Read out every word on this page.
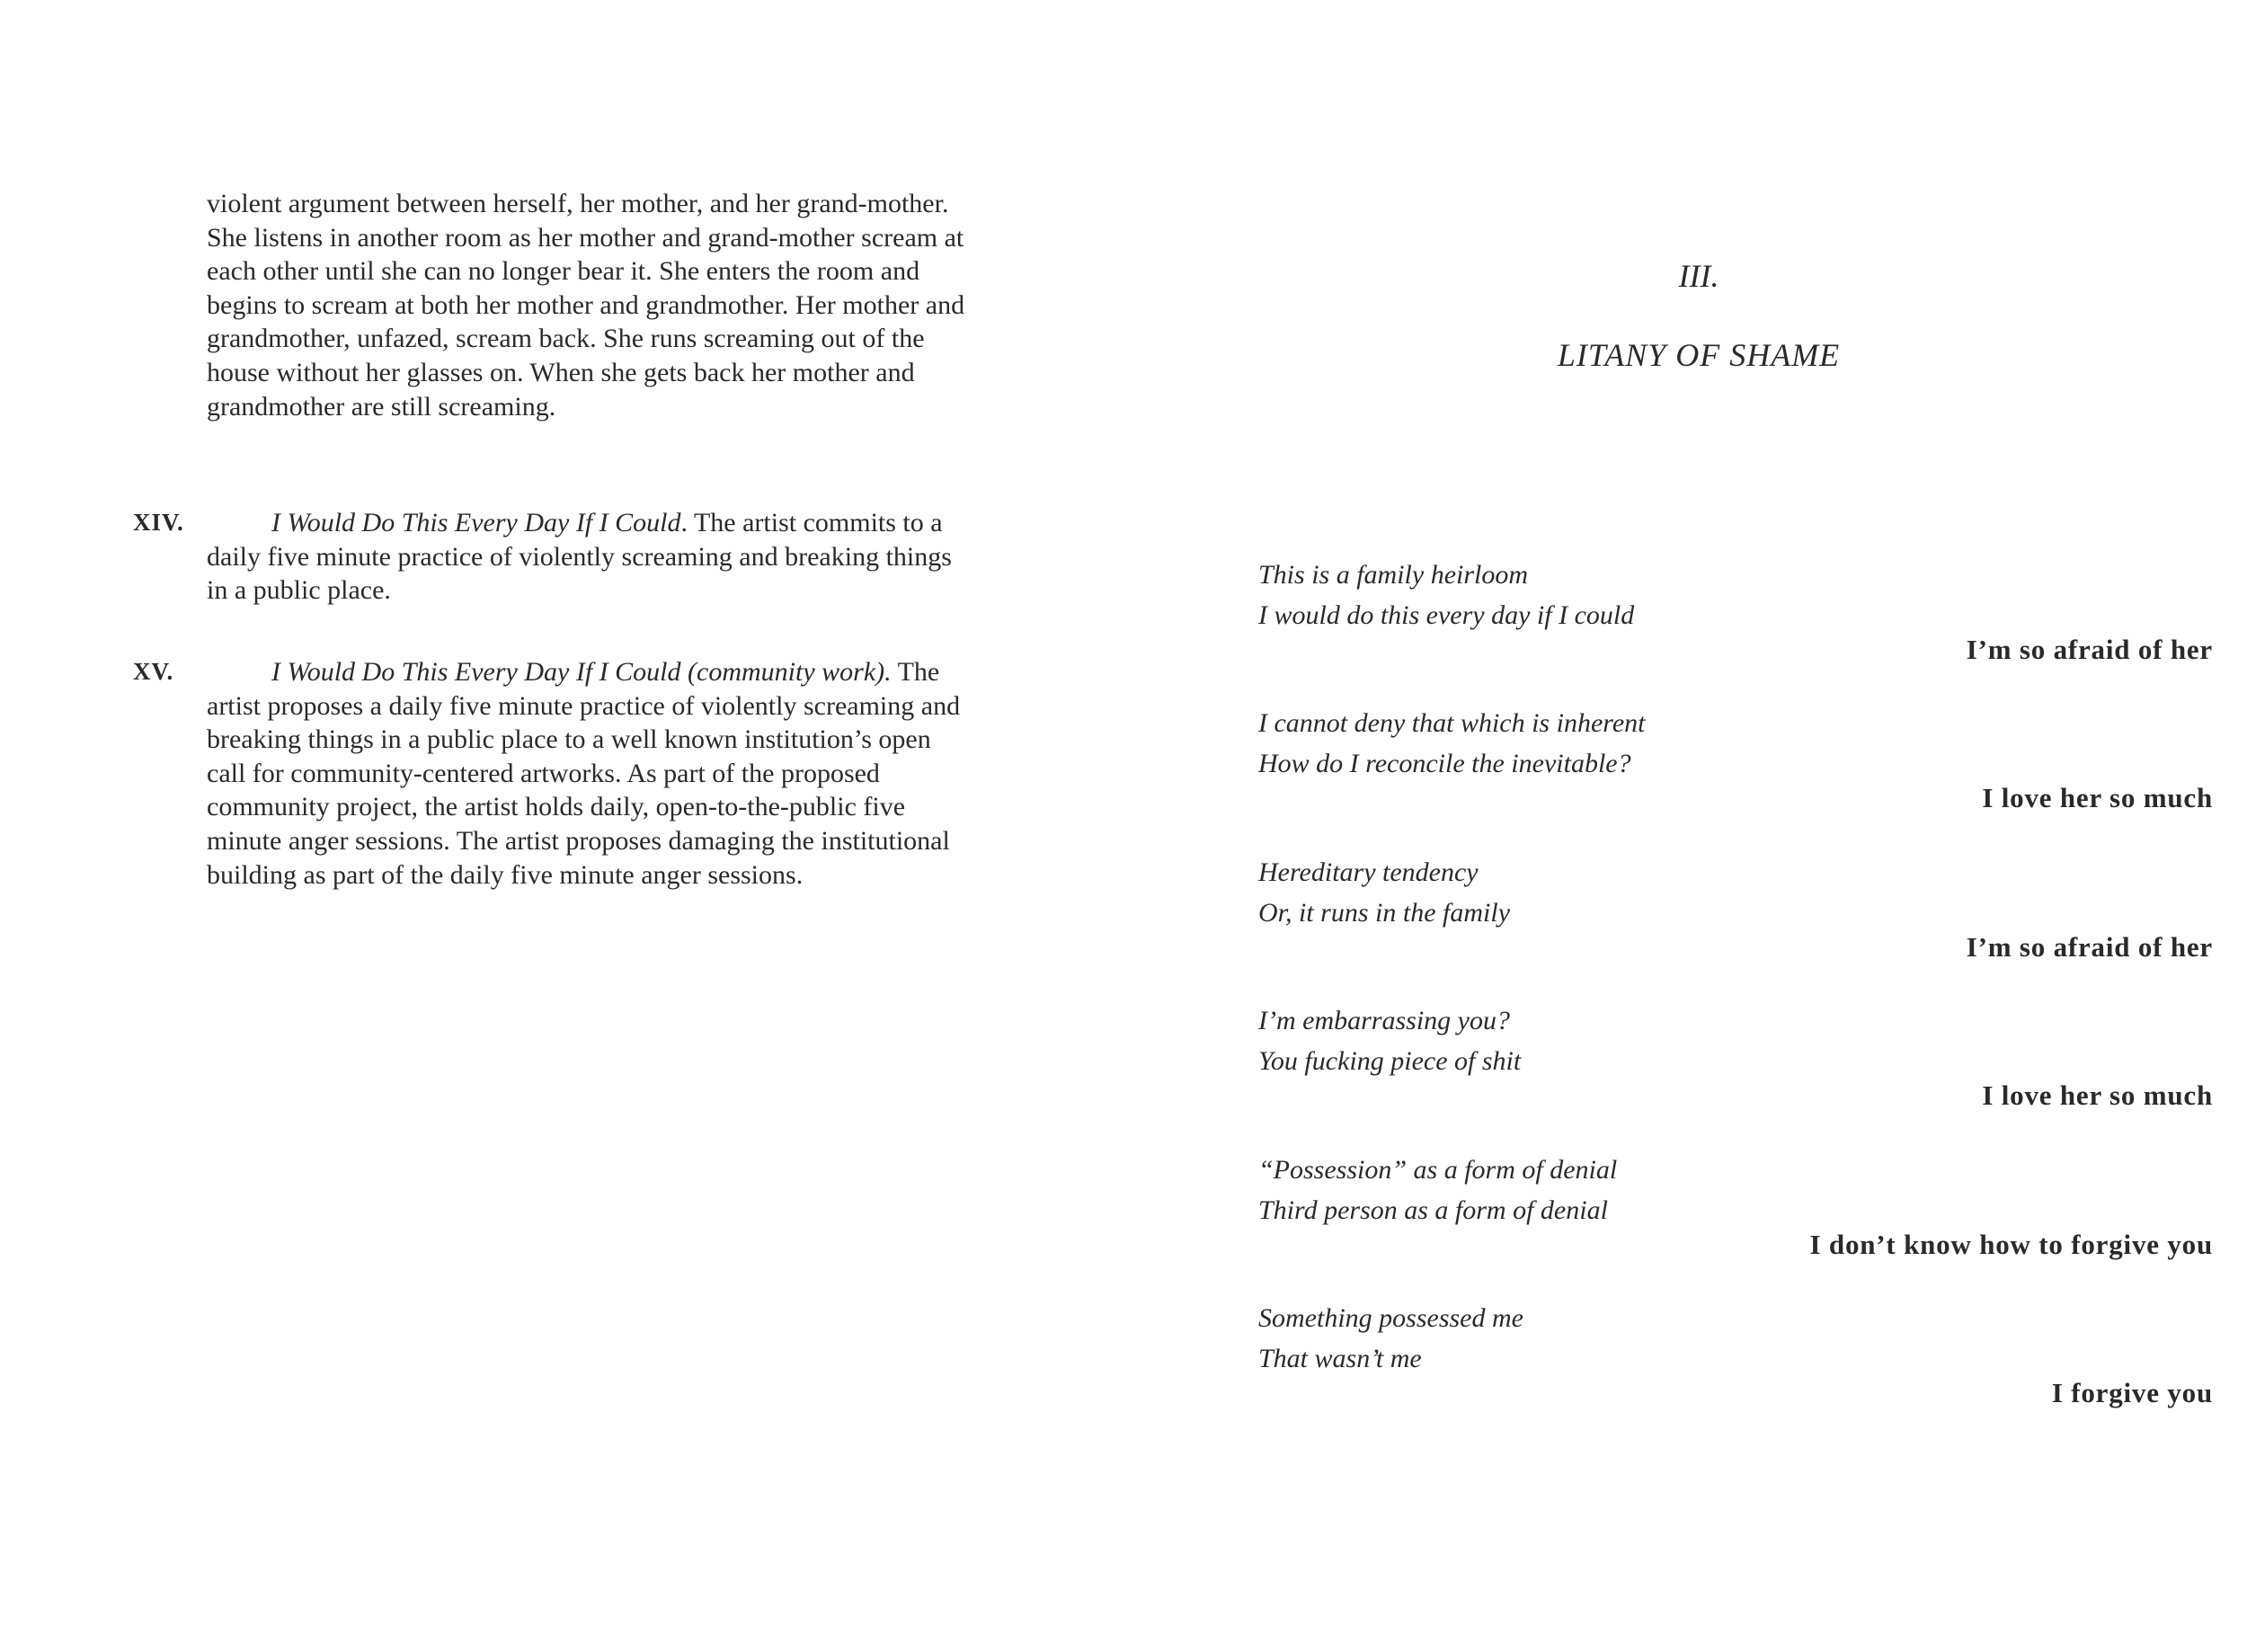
violent argument between herself, her mother, and her grand-mother. She listens in another room as her mother and grand-mother scream at each other until she can no longer bear it. She enters the room and begins to scream at both her mother and grandmother. Her mother and grandmother, unfazed, scream back. She runs screaming out of the house without her glasses on. When she gets back her mother and grandmother are still screaming.

XIV.	I Would Do This Every Day If I Could. The artist commits to a daily five minute practice of violently screaming and breaking things in a public place.

XV.	I Would Do This Every Day If I Could (community work). The artist proposes a daily five minute practice of violently screaming and breaking things in a public place to a well known institution’s open call for community-centered artworks. As part of the proposed community project, the artist holds daily, open-to-the-public five minute anger sessions. The artist proposes damaging the institutional building as part of the daily five minute anger sessions.

III.
LITANY OF SHAME
This is a family heirloom
I would do this every day if I could
I’m so afraid of her
I cannot deny that which is inherent
How do I reconcile the inevitable?
I love her so much
Hereditary tendency
Or, it runs in the family
I’m so afraid of her
I’m embarrassing you?
You fucking piece of shit
I love her so much
“Possession” as a form of denial
Third person as a form of denial
I don’t know how to forgive you
Something possessed me
That wasn’t me
I forgive you
